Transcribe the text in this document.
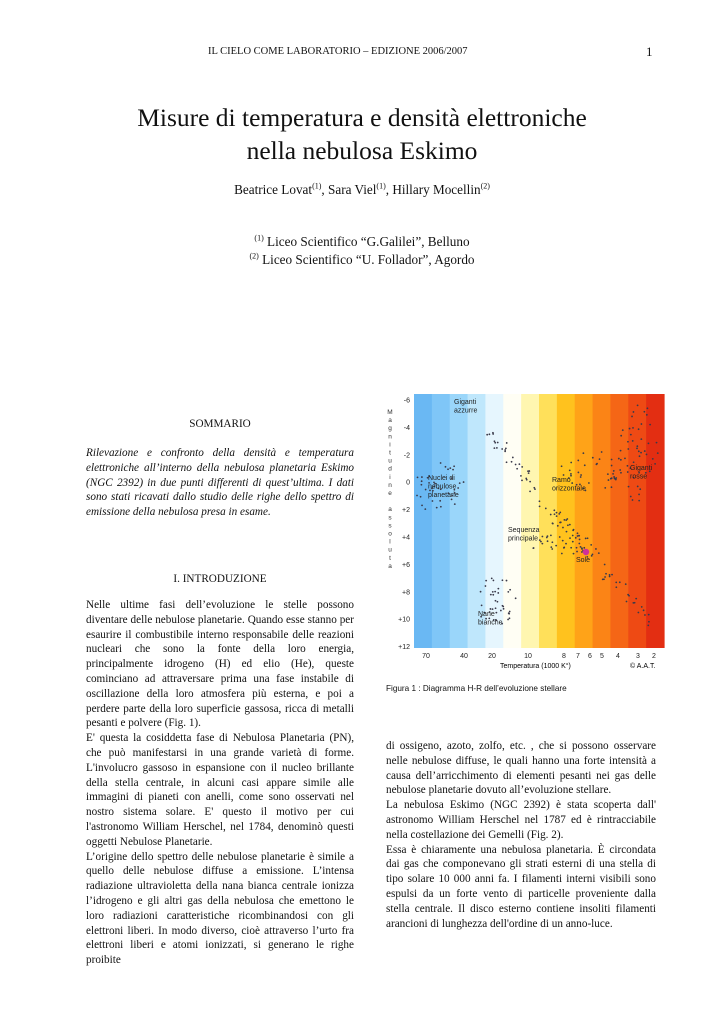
IL CIELO COME LABORATORIO – EDIZIONE 2006/2007	1
Misure di temperatura e densità elettroniche
nella nebulosa Eskimo
Beatrice Lovat$^{(1)}$, Sara Viel$^{(1)}$, Hillary Mocellin$^{(2)}$
$^{(1)}$ Liceo Scientifico “G.Galilei”, Belluno
$^{(2)}$ Liceo Scientifico “U. Follador”, Agordo
SOMMARIO
Rilevazione e confronto della densità e temperatura elettroniche all’interno della nebulosa planetaria Eskimo (NGC 2392) in due punti differenti di quest’ultima. I dati sono stati ricavati dallo studio delle righe dello spettro di emissione della nebulosa presa in esame.
I. INTRODUZIONE

Nelle ultime fasi dell’evoluzione le stelle possono diventare delle nebulose planetarie. Quando esse stanno per esaurire il combustibile interno responsabile delle reazioni nucleari che sono la fonte della loro energia, principalmente idrogeno (H) ed elio (He), queste cominciano ad attraversare prima una fase instabile di oscillazione della loro atmosfera più esterna, e poi a perdere parte della loro superficie gassosa, ricca di metalli pesanti e polvere (Fig. 1).

E' questa la cosiddetta fase di Nebulosa Planetaria (PN), che può manifestarsi in una grande varietà di forme. L'involucro gassoso in espansione con il nucleo brillante della stella centrale, in alcuni casi appare simile alle immagini di pianeti con anelli, come sono osservati nel nostro sistema solare. E' questo il motivo per cui l'astronomo William Herschel, nel 1784, denominò questi oggetti Nebulose Planetarie.

L’origine dello spettro delle nebulose planetarie è simile a quello delle nebulose diffuse a emissione. L’intensa radiazione ultravioletta della nana bianca centrale ionizza l’idrogeno e gli altri gas della nebulosa che emettono le loro radiazioni caratteristiche ricombinandosi con gli elettroni liberi. In modo diverso, cioè attraverso l’urto fra elettroni liberi e atomi ionizzati, si generano le righe proibite

di ossigeno, azoto, zolfo, etc. , che si possono osservare nelle nebulose diffuse, le quali hanno una forte intensità a causa dell’arricchimento di elementi pesanti nei gas delle nebulose planetarie dovuto all’evoluzione stellare.

La nebulosa Eskimo (NGC 2392) è stata scoperta dall' astronomo William Herschel nel 1787 ed è rintracciabile nella costellazione dei Gemelli (Fig. 2).

Essa è chiaramente una nebulosa planetaria. È circondata dai gas che componevano gli strati esterni di una stella di tipo solare 10 000 anni fa. I filamenti interni visibili sono espulsi da un forte vento di particelle proveniente dalla stella centrale. Il disco esterno contiene insoliti filamenti arancioni di lunghezza dell'ordine di un anno-luce.

M
a
g
n
i
t
u
d
i
n
e
a
s
s
o
l
u
t
a
-6
-4
-2
0
+2
+4
+6
+8
+10
+12
70	40	20	10	8 7 6 5 4 3 2
Giganti
azzurre
Nuclei di
nebulose
planetarie
Ramo
orizzontale
Giganti
rosse
Sequenza
principale
Sole
Nane
bianche
Temperatura (1000 K°)	© A.A.T.
Figura 1 : Diagramma H-R dell’evoluzione stellare
